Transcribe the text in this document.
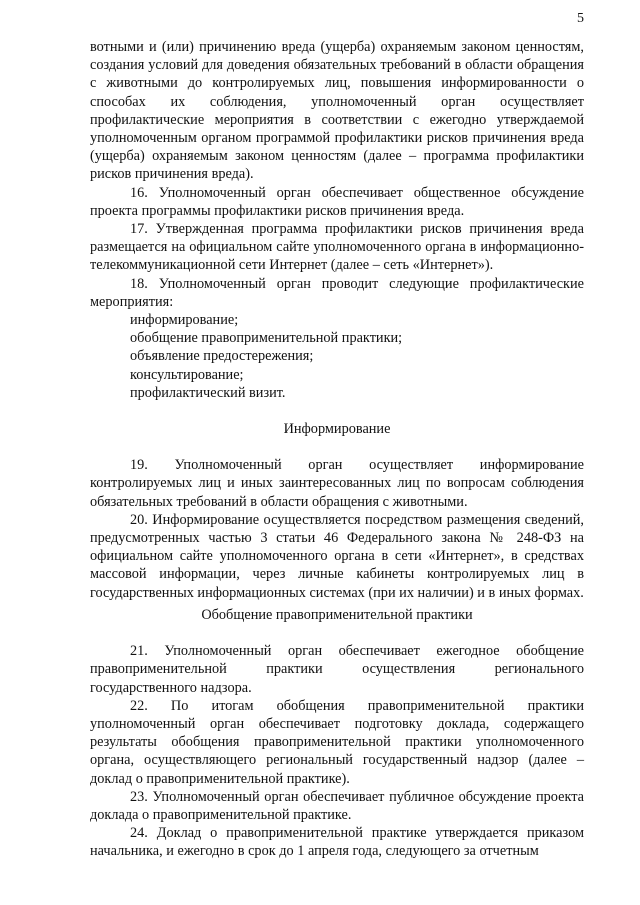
5

вотными и (или) причинению вреда (ущерба) охраняемым законом ценностям, создания условий для доведения обязательных требований в области обращения с животными до контролируемых лиц, повышения информированности о способах их соблюдения, уполномоченный орган осуществляет профилактические мероприятия в соответствии с ежегодно утверждаемой уполномоченным органом программой профилактики рисков причинения вреда (ущерба) охраняемым законом ценностям (далее – программа профилактики рисков причинения вреда).

16. Уполномоченный орган обеспечивает общественное обсуждение проекта программы профилактики рисков причинения вреда.

17. Утвержденная программа профилактики рисков причинения вреда размещается на официальном сайте уполномоченного органа в информационно-телекоммуникационной сети Интернет (далее – сеть «Интернет»).

18. Уполномоченный орган проводит следующие профилактические мероприятия:

информирование;

обобщение правоприменительной практики;

объявление предостережения;

консультирование;

профилактический визит.

Информирование

19. Уполномоченный орган осуществляет информирование контролируемых лиц и иных заинтересованных лиц по вопросам соблюдения обязательных требований в области обращения с животными.

20. Информирование осуществляется посредством размещения сведений, предусмотренных частью 3 статьи 46 Федерального закона № 248-ФЗ на официальном сайте уполномоченного органа в сети «Интернет», в средствах массовой информации, через личные кабинеты контролируемых лиц в государственных информационных системах (при их наличии) и в иных формах.

Обобщение правоприменительной практики

21. Уполномоченный орган обеспечивает ежегодное обобщение правоприменительной практики осуществления регионального государственного надзора.

22. По итогам обобщения правоприменительной практики уполномоченный орган обеспечивает подготовку доклада, содержащего результаты обобщения правоприменительной практики уполномоченного органа, осуществляющего региональный государственный надзор (далее – доклад о правоприменительной практике).

23. Уполномоченный орган обеспечивает публичное обсуждение проекта доклада о правоприменительной практике.

24. Доклад о правоприменительной практике утверждается приказом начальника, и ежегодно в срок до 1 апреля года, следующего за отчетным
